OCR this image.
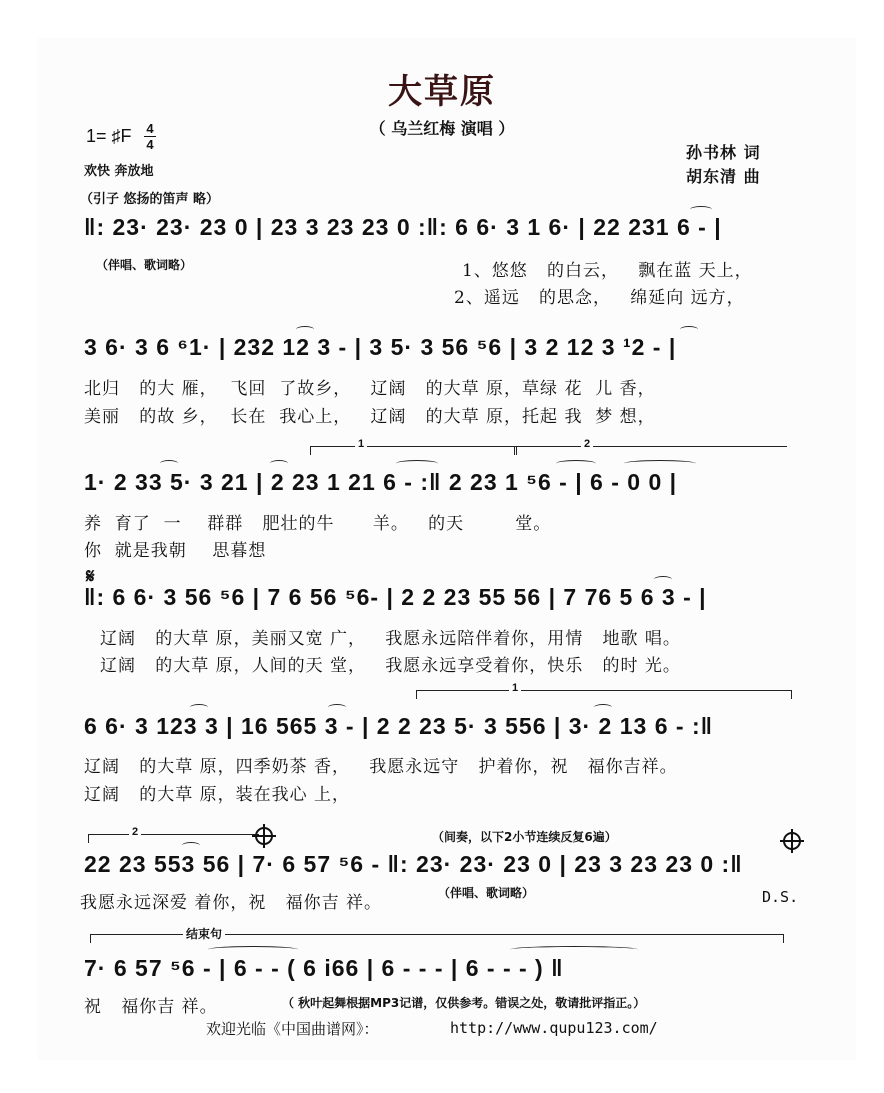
大草原
（ 乌兰红梅 演唱 ）
1= ♯F 4
4
欢快 奔放地
（引子 悠扬的笛声 略）
孙书林 词
胡东清 曲
‖: 23· 23· 23 0 | 23 3 23 23 0 :‖: 6 6· 3 1 6· | 22 231 6 - |
（伴唱、歌词略）	1、悠悠   的白云，   飘在蓝 天上，
2、遥远   的思念，   绵延向 远方，
3 6· 3 6 ⁶1· | 232 12 3 - | 3 5· 3 56 ⁵6 | 3 2 12 3 ¹2 - |
北归   的大 雁，  飞回  了故乡，   辽阔   的大草 原，草绿 花  儿 香，
美丽   的故 乡，  长在  我心上，   辽阔   的大草 原，托起 我  梦 想，
1	2
1· 2 33 5· 3 21 | 2 23 1 21 6 - :‖ 2 23 1 ⁵6 - | 6 - 0 0 |
养  育了  一    群群   肥壮的牛      羊。   的天        堂。
你  就是我朝    思暮想
𝄋
‖: 6 6· 3 56 ⁵6 | 7 6 56 ⁵6- | 2 2 23 55 56 | 7 76 5 6 3 - |
辽阔   的大草 原，美丽又宽 广，   我愿永远陪伴着你，用情   地歌 唱。
辽阔   的大草 原，人间的天 堂，   我愿永远享受着你，快乐   的时 光。
1
6 6· 3 123 3 | 16 565 3 - | 2 2 23 5· 3 556 | 3· 2 13 6 - :‖
辽阔   的大草 原，四季奶茶 香，   我愿永远守   护着你，祝   福你吉祥。
辽阔   的大草 原，装在我心 上，
2	（间奏，以下2小节连续反复6遍）
22 23 553 56 | 7· 6 57 ⁵6 - ‖: 23· 23· 23 0 | 23 3 23 23 0 :‖
我愿永远深爱 着你，祝   福你吉 祥。	（伴唱、歌词略）	D.S.
结束句
7· 6 57 ⁵6 - | 6 - - ( 6 i66 | 6 - - - | 6 - - - ) ‖
祝   福你吉 祥。	（ 秋叶起舞根据MP3记谱，仅供参考。错误之处，敬请批评指正。）
欢迎光临《中国曲谱网》：	http://www.qupu123.com/
